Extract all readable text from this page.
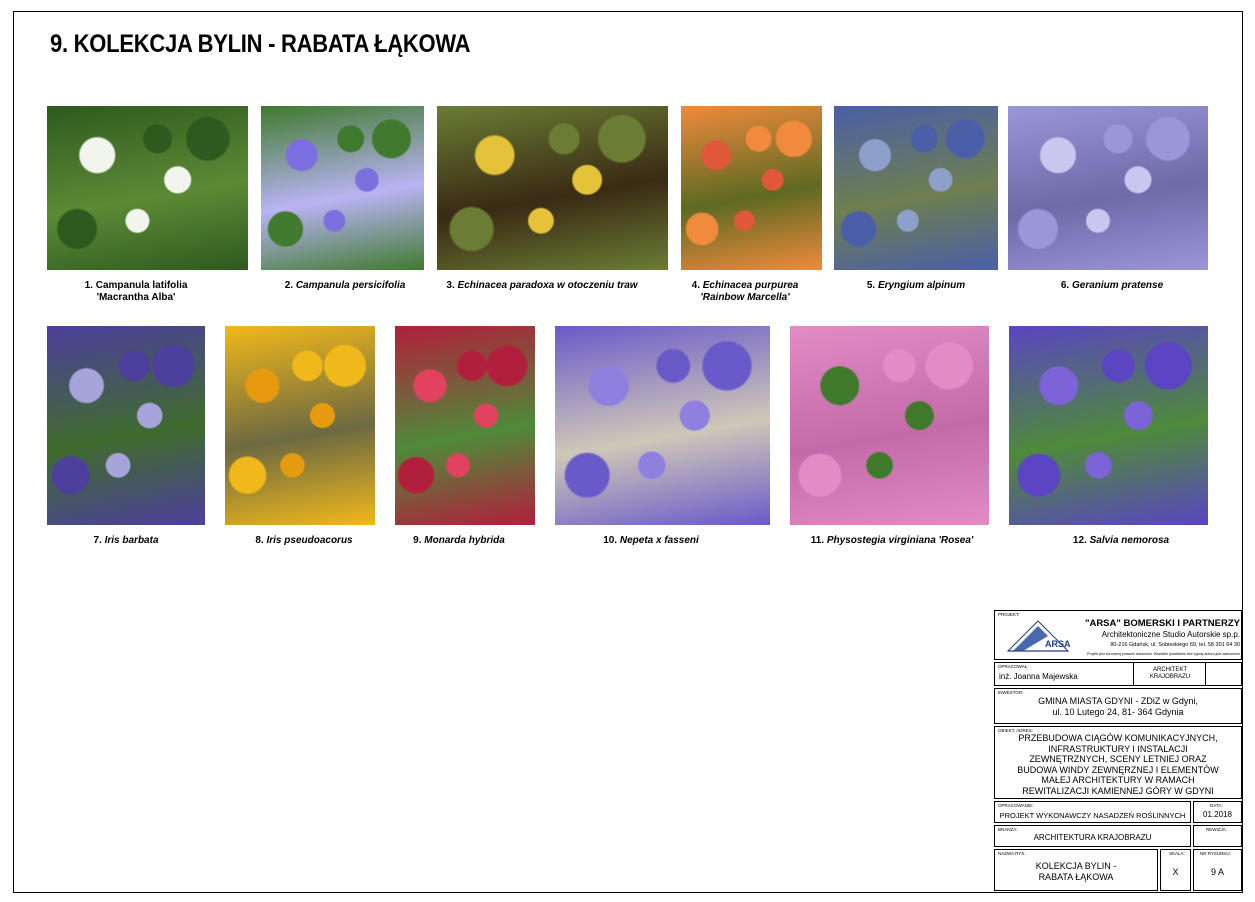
9. KOLEKCJA BYLIN - RABATA ŁĄKOWA
1. Campanula latifolia
'Macrantha Alba'
2. Campanula persicifolia	3. Echinacea paradoxa w otoczeniu traw	4. Echinacea purpurea
'Rainbow Marcella'
5. Eryngium alpinum	6. Geranium pratense
7. Iris barbata	8. Iris pseudoacorus	9. Monarda hybrida	10. Nepeta x fasseni	11. Physostegia virginiana 'Rosea'	12. Salvia nemorosa
PROJEKT:
ARSA
"ARSA" BOMERSKI I PARTNERZY
Architektoniczne Studio Autorskie sp.p.
80-216 Gdańsk, ul. Sobieskiego 69, tel. 58 301 64 30
Projekt jest chroniony prawem autorskim. Wszelkie powielanie bez zgody autora jest zabronione
OPRACOWAŁ:
inż. Joanna Majewska
ARCHITEKT
KRAJOBRAZU
INWESTOR:
GMINA MIASTA GDYNI - ZDiZ w Gdyni,
ul. 10 Lutego 24, 81- 364 Gdynia
OBIEKT, ADRES:
PRZEBUDOWA CIĄGÓW KOMUNIKACYJNYCH,
INFRASTRUKTURY I INSTALACJI
ZEWNĘTRZNYCH, SCENY LETNIEJ ORAZ
BUDOWA WINDY ZEWNĘRZNEJ I ELEMENTÓW
MAŁEJ ARCHITEKTURY W RAMACH
REWITALIZACJI KAMIENNEJ GÓRY W GDYNI
OPRACOWANIE:
PROJEKT WYKONAWCZY NASADZEŃ ROŚLINNYCH
DATA:
01.2018
BRANŻA:
ARCHITEKTURA KRAJOBRAZU
REWIZJA:
NAZWA RYS.:
KOLEKCJA BYLIN -
RABATA ŁĄKOWA
SKALA:
X
NR RYSUNKU:
9 A
